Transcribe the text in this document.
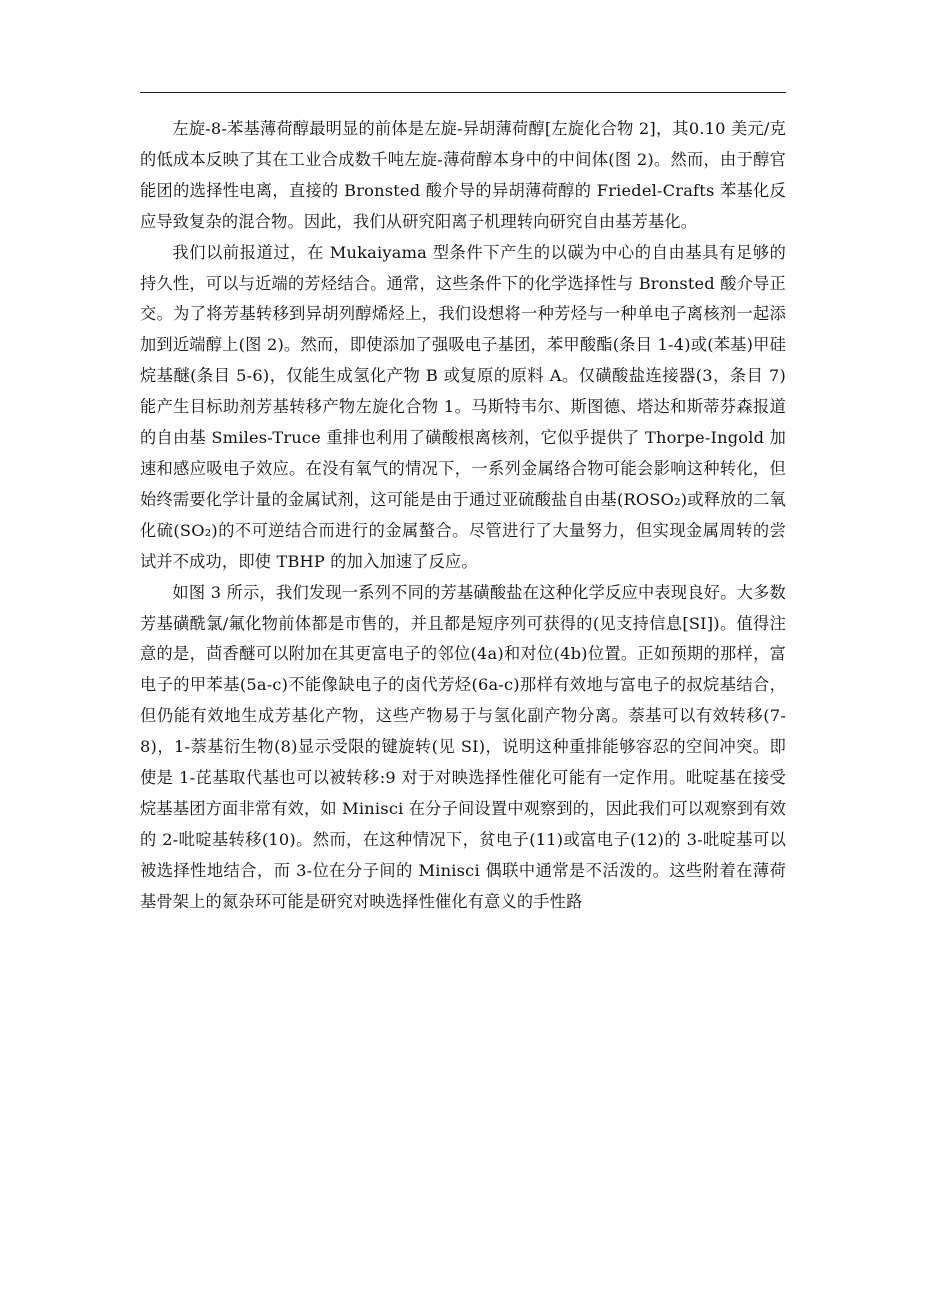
左旋-8-苯基薄荷醇最明显的前体是左旋-异胡薄荷醇[左旋化合物 2]，其0.10 美元/克的低成本反映了其在工业合成数千吨左旋-薄荷醇本身中的中间体(图 2)。然而，由于醇官能团的选择性电离，直接的 Bronsted 酸介导的异胡薄荷醇的 Friedel-Crafts 苯基化反应导致复杂的混合物。因此，我们从研究阳离子机理转向研究自由基芳基化。

我们以前报道过，在 Mukaiyama 型条件下产生的以碳为中心的自由基具有足够的持久性，可以与近端的芳烃结合。通常，这些条件下的化学选择性与 Bronsted 酸介导正交。为了将芳基转移到异胡列醇烯烃上，我们设想将一种芳烃与一种单电子离核剂一起添加到近端醇上(图 2)。然而，即使添加了强吸电子基团，苯甲酸酯(条目 1-4)或(苯基)甲硅烷基醚(条目 5-6)，仅能生成氢化产物 B 或复原的原料 A。仅磺酸盐连接器(3，条目 7)能产生目标助剂芳基转移产物左旋化合物 1。马斯特韦尔、斯图德、塔达和斯蒂芬森报道的自由基 Smiles-Truce 重排也利用了磺酸根离核剂，它似乎提供了 Thorpe-Ingold 加速和感应吸电子效应。在没有氧气的情况下，一系列金属络合物可能会影响这种转化，但始终需要化学计量的金属试剂，这可能是由于通过亚硫酸盐自由基(ROSO₂)或释放的二氧化硫(SO₂)的不可逆结合而进行的金属螯合。尽管进行了大量努力，但实现金属周转的尝试并不成功，即使 TBHP 的加入加速了反应。

如图 3 所示，我们发现一系列不同的芳基磺酸盐在这种化学反应中表现良好。大多数芳基磺酰氯/氟化物前体都是市售的，并且都是短序列可获得的(见支持信息[SI])。值得注意的是，茴香醚可以附加在其更富电子的邻位(4a)和对位(4b)位置。正如预期的那样，富电子的甲苯基(5a-c)不能像缺电子的卤代芳烃(6a-c)那样有效地与富电子的叔烷基结合，但仍能有效地生成芳基化产物，这些产物易于与氢化副产物分离。萘基可以有效转移(7-8)，1-萘基衍生物(8)显示受限的键旋转(见 SI)，说明这种重排能够容忍的空间冲突。即使是 1-芘基取代基也可以被转移:9 对于对映选择性催化可能有一定作用。吡啶基在接受烷基基团方面非常有效，如 Minisci 在分子间设置中观察到的，因此我们可以观察到有效的 2-吡啶基转移(10)。然而，在这种情况下，贫电子(11)或富电子(12)的 3-吡啶基可以被选择性地结合，而 3-位在分子间的 Minisci 偶联中通常是不活泼的。这些附着在薄荷基骨架上的氮杂环可能是研究对映选择性催化有意义的手性路
